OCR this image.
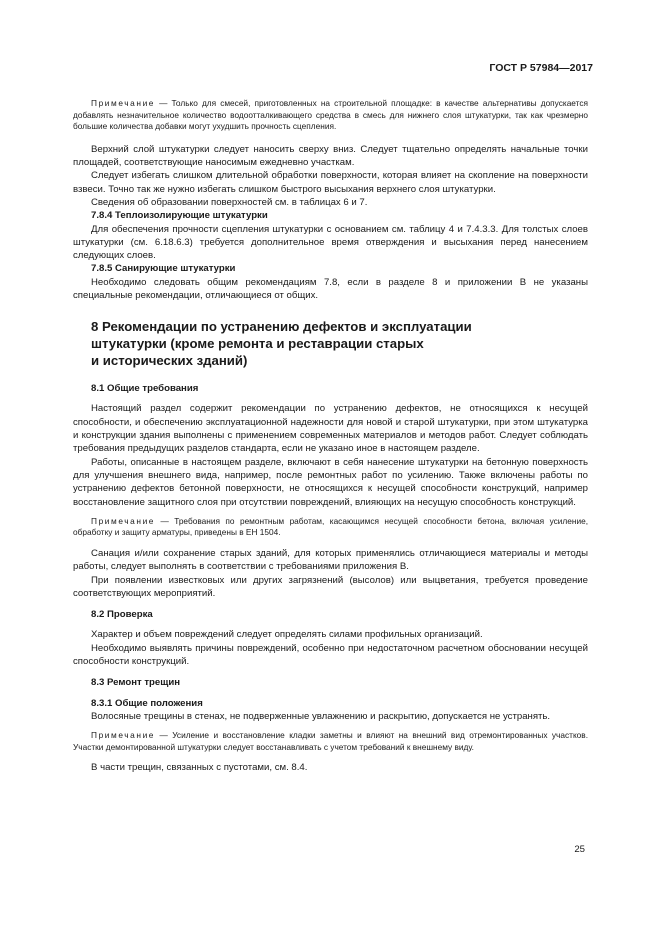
ГОСТ Р 57984—2017

Примечание — Только для смесей, приготовленных на строительной площадке: в качестве альтернативы допускается добавлять незначительное количество водоотталкивающего средства в смесь для нижнего слоя штукатурки, так как чрезмерно большие количества добавки могут ухудшить прочность сцепления.

Верхний слой штукатурки следует наносить сверху вниз. Следует тщательно определять начальные точки площадей, соответствующие наносимым ежедневно участкам.

Следует избегать слишком длительной обработки поверхности, которая влияет на скопление на поверхности взвеси. Точно так же нужно избегать слишком быстрого высыхания верхнего слоя штукатурки.

Сведения об образовании поверхностей см. в таблицах 6 и 7.

7.8.4 Теплоизолирующие штукатурки

Для обеспечения прочности сцепления штукатурки с основанием см. таблицу 4 и 7.4.3.3. Для толстых слоев штукатурки (см. 6.18.6.3) требуется дополнительное время отверждения и высыхания перед нанесением следующих слоев.

7.8.5 Санирующие штукатурки

Необходимо следовать общим рекомендациям 7.8, если в разделе 8 и приложении В не указаны специальные рекомендации, отличающиеся от общих.

8 Рекомендации по устранению дефектов и эксплуатации
штукатурки (кроме ремонта и реставрации старых
и исторических зданий)

8.1 Общие требования

Настоящий раздел содержит рекомендации по устранению дефектов, не относящихся к несущей способности, и обеспечению эксплуатационной надежности для новой и старой штукатурки, при этом штукатурка и конструкции здания выполнены с применением современных материалов и методов работ. Следует соблюдать требования предыдущих разделов стандарта, если не указано иное в настоящем разделе.

Работы, описанные в настоящем разделе, включают в себя нанесение штукатурки на бетонную поверхность для улучшения внешнего вида, например, после ремонтных работ по усилению. Также включены работы по устранению дефектов бетонной поверхности, не относящихся к несущей способности конструкций, например восстановление защитного слоя при отсутствии повреждений, влияющих на несущую способность конструкций.

Примечание — Требования по ремонтным работам, касающимся несущей способности бетона, включая усиление, обработку и защиту арматуры, приведены в ЕН 1504.

Санация и/или сохранение старых зданий, для которых применялись отличающиеся материалы и методы работы, следует выполнять в соответствии с требованиями приложения В.

При появлении известковых или других загрязнений (высолов) или выцветания, требуется проведение соответствующих мероприятий.

8.2 Проверка

Характер и объем повреждений следует определять силами профильных организаций.

Необходимо выявлять причины повреждений, особенно при недостаточном расчетном обосновании несущей способности конструкций.

8.3 Ремонт трещин

8.3.1 Общие положения

Волосяные трещины в стенах, не подверженные увлажнению и раскрытию, допускается не устранять.

Примечание — Усиление и восстановление кладки заметны и влияют на внешний вид отремонтированных участков. Участки демонтированной штукатурки следует восстанавливать с учетом требований к внешнему виду.

В части трещин, связанных с пустотами, см. 8.4.

25
